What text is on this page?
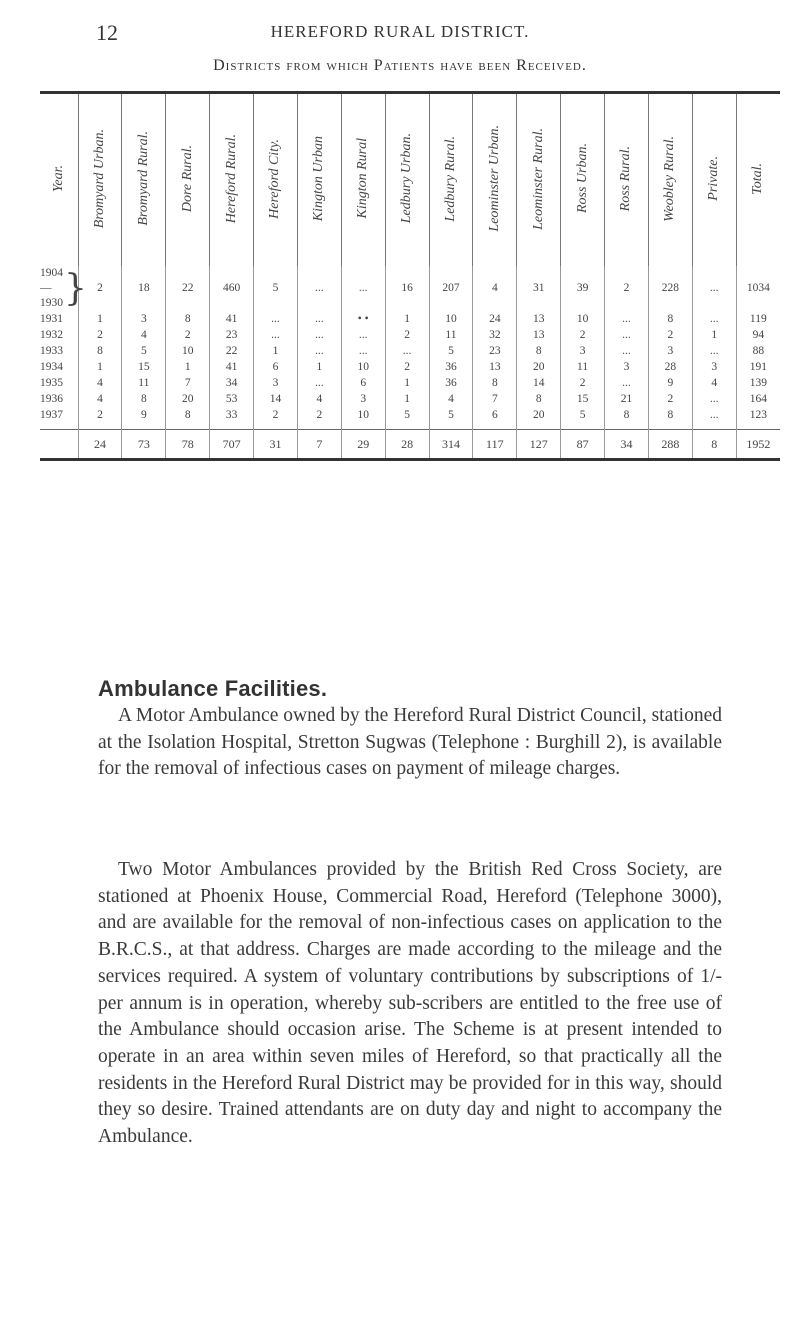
12	HEREFORD RURAL DISTRICT.
Districts from which Patients have been Received.

Year.	Bromyard Urban.	Bromyard Rural.	Dore Rural.	Hereford Rural.	Hereford City.	Kington Urban	Kington Rural	Ledbury Urban.	Ledbury Rural.	Leominster Urban.	Leominster Rural.	Ross Urban.	Ross Rural.	Weobley Rural.	Private.	Total.

1904
—
1930 }	2	18	22	460	5	...	...	16	207	4	31	39	2	228	...	1034
1931	1	3	8	41	...	...	• •	1	10	24	13	10	...	8	...	119
1932	2	4	2	23	...	...	...	2	11	32	13	2	...	2	1	94
1933	8	5	10	22	1	...	...	...	5	23	8	3	...	3	...	88
1934	1	15	1	41	6	1	10	2	36	13	20	11	3	28	3	191
1935	4	11	7	34	3	...	6	1	36	8	14	2	...	9	4	139
1936	4	8	20	53	14	4	3	1	4	7	8	15	21	2	...	164
1937	2	9	8	33	2	2	10	5	5	6	20	5	8	8	...	123
	24	73	78	707	31	7	29	28	314	117	127	87	34	288	8	1952
Ambulance Facilities.

A Motor Ambulance owned by the Hereford Rural District Council, stationed at the Isolation Hospital, Stretton Sugwas (Telephone : Burghill 2), is available for the removal of infectious cases on payment of mileage charges.

Two Motor Ambulances provided by the British Red Cross Society, are stationed at Phoenix House, Commercial Road, Hereford (Telephone 3000), and are available for the removal of non-infectious cases on application to the B.R.C.S., at that address. Charges are made according to the mileage and the services required. A system of voluntary contributions by subscriptions of 1/- per annum is in operation, whereby sub-scribers are entitled to the free use of the Ambulance should occasion arise. The Scheme is at present intended to operate in an area within seven miles of Hereford, so that practically all the residents in the Hereford Rural District may be provided for in this way, should they so desire. Trained attendants are on duty day and night to accompany the Ambulance.
